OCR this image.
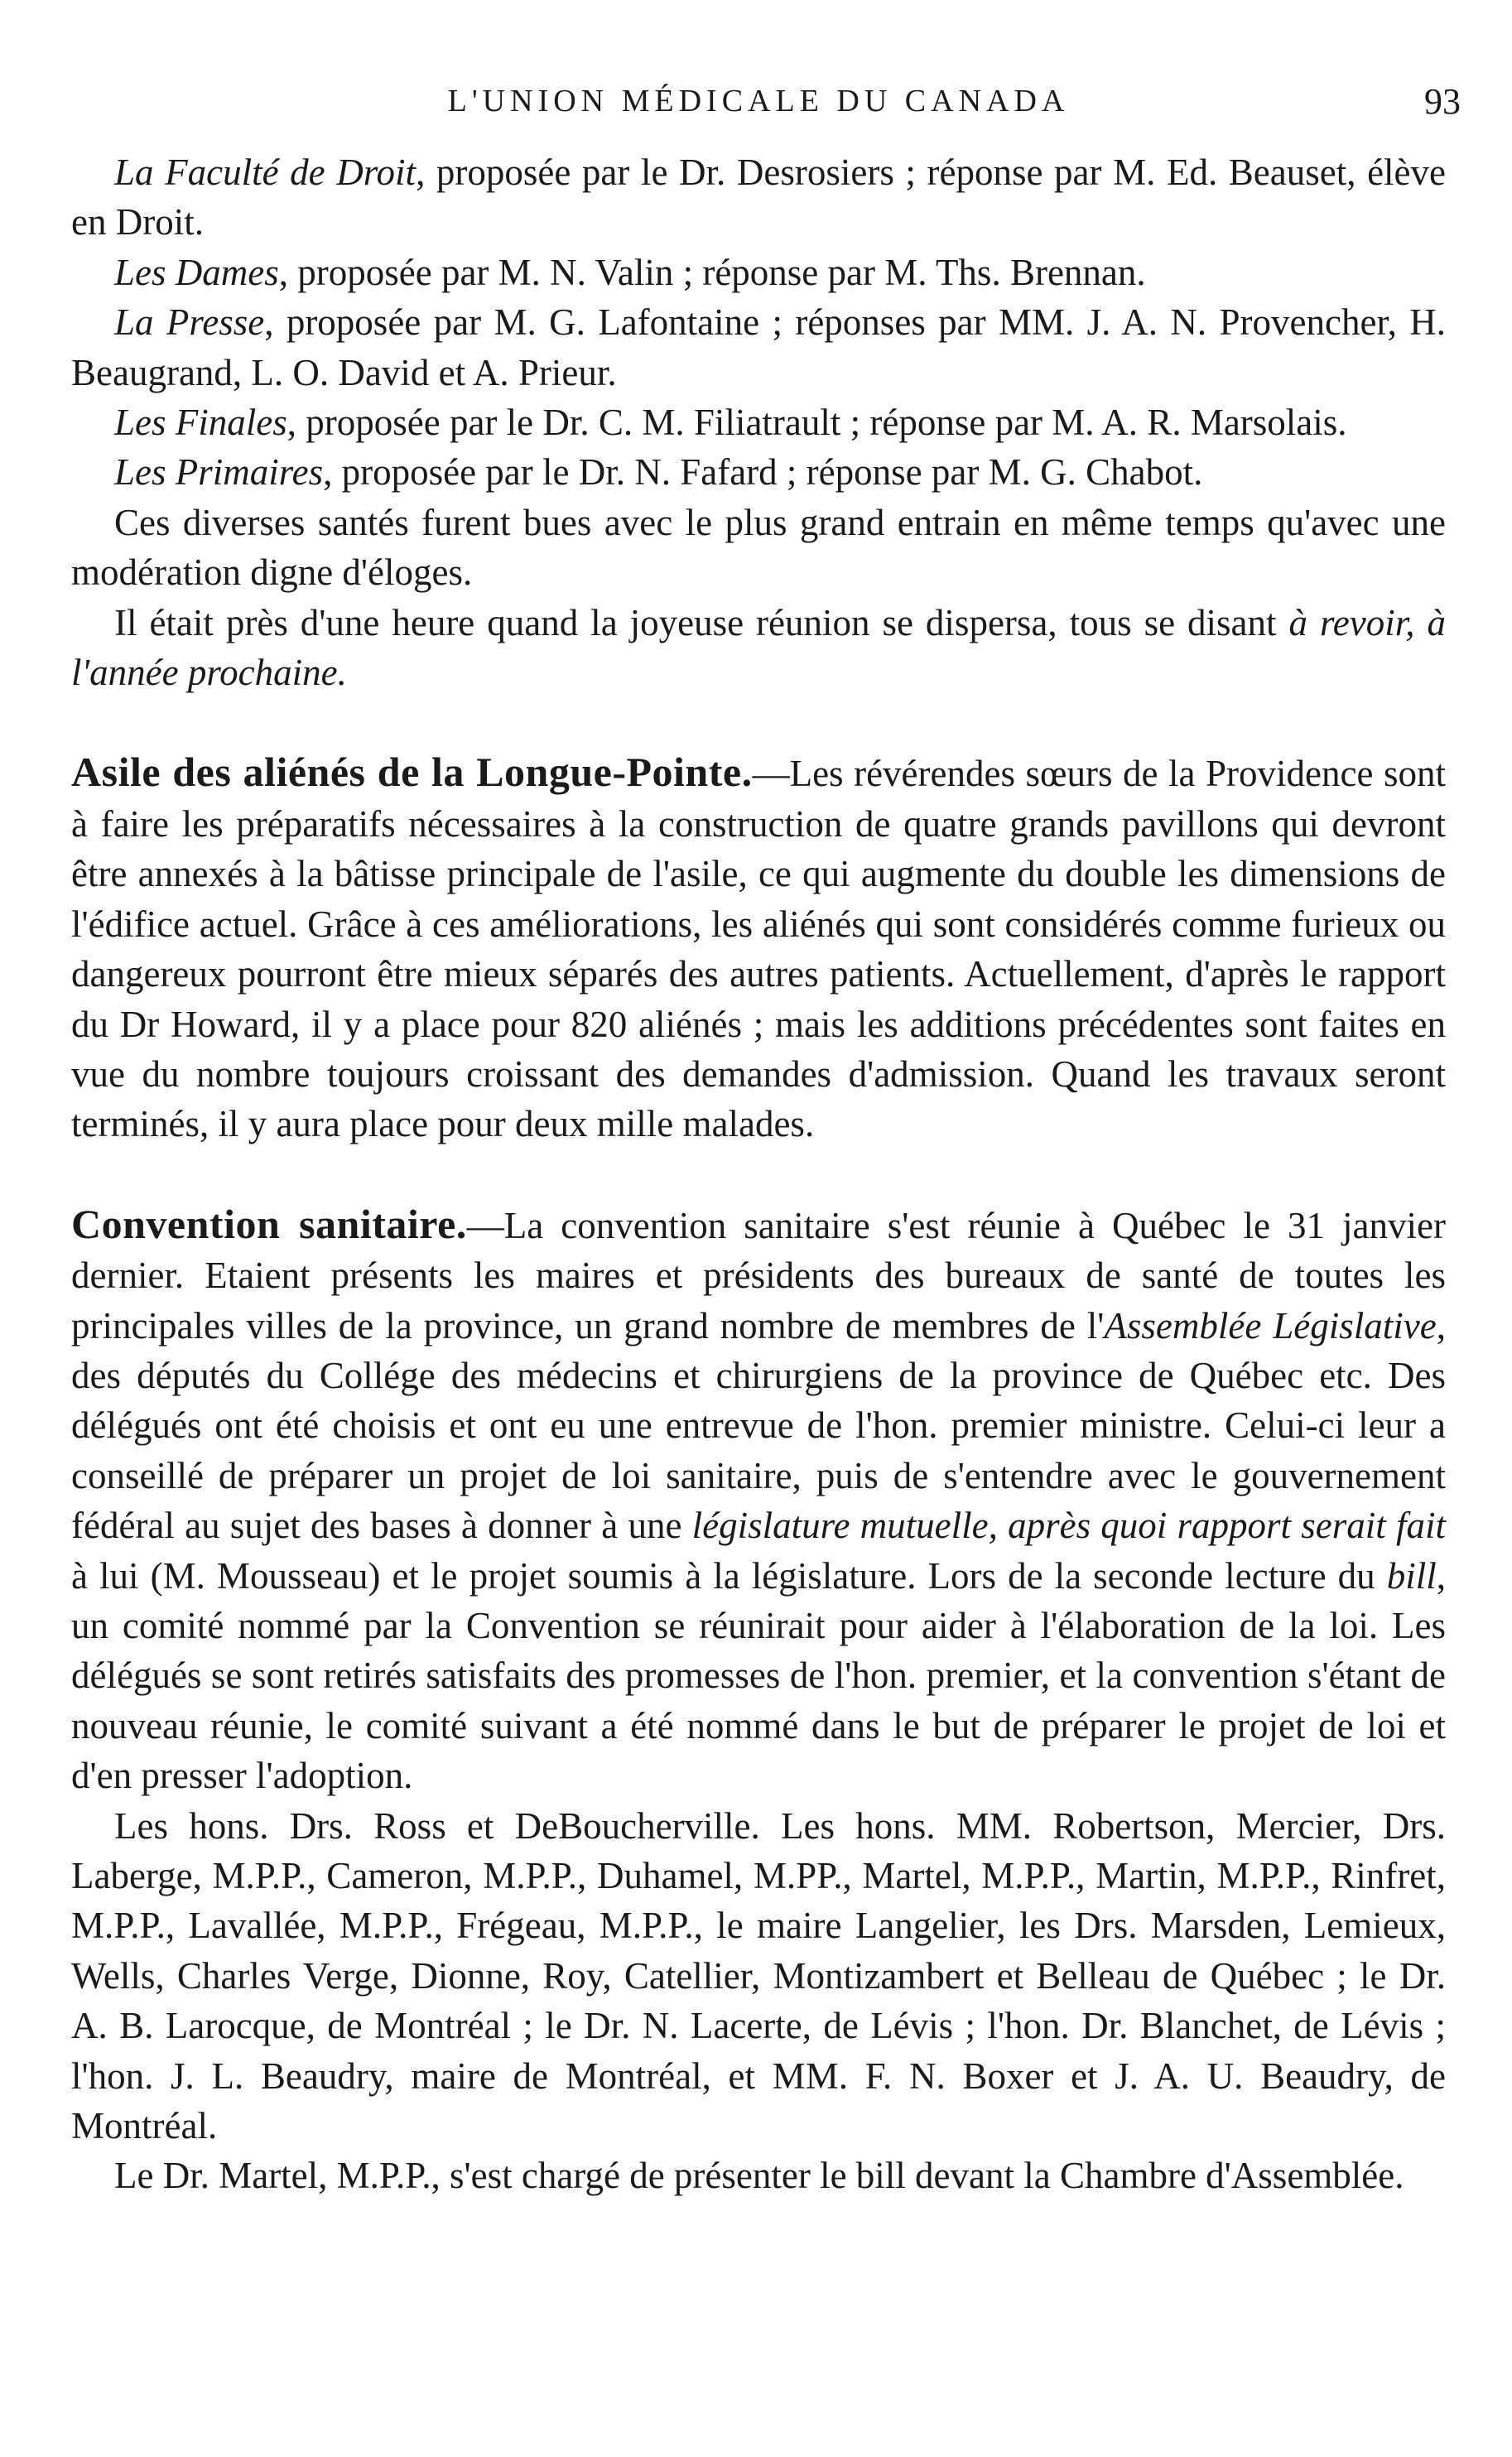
L'UNION MÉDICALE DU CANADA	93

La Faculté de Droit, proposée par le Dr. Desrosiers ; réponse par M. Ed. Beauset, élève en Droit.

Les Dames, proposée par M. N. Valin ; réponse par M. Ths. Brennan.

La Presse, proposée par M. G. Lafontaine ; réponses par MM. J. A. N. Provencher, H. Beaugrand, L. O. David et A. Prieur.

Les Finales, proposée par le Dr. C. M. Filiatrault ; réponse par M. A. R. Marsolais.

Les Primaires, proposée par le Dr. N. Fafard ; réponse par M. G. Chabot.

Ces diverses santés furent bues avec le plus grand entrain en même temps qu'avec une modération digne d'éloges.

Il était près d'une heure quand la joyeuse réunion se dispersa, tous se disant à revoir, à l'année prochaine.

Asile des aliénés de la Longue-Pointe.—Les révérendes sœurs de la Providence sont à faire les préparatifs nécessaires à la construction de quatre grands pavillons qui devront être annexés à la bâtisse principale de l'asile, ce qui augmente du double les dimensions de l'édifice actuel. Grâce à ces améliorations, les aliénés qui sont considérés comme furieux ou dangereux pourront être mieux séparés des autres patients. Actuellement, d'après le rapport du Dr Howard, il y a place pour 820 aliénés ; mais les additions précédentes sont faites en vue du nombre toujours croissant des demandes d'admission. Quand les travaux seront terminés, il y aura place pour deux mille malades.

Convention sanitaire.—La convention sanitaire s'est réunie à Québec le 31 janvier dernier. Etaient présents les maires et présidents des bureaux de santé de toutes les principales villes de la province, un grand nombre de membres de l'Assemblée Législative, des députés du Collége des médecins et chirurgiens de la province de Québec etc. Des délégués ont été choisis et ont eu une entrevue de l'hon. premier ministre. Celui-ci leur a conseillé de préparer un projet de loi sanitaire, puis de s'entendre avec le gouvernement fédéral au sujet des bases à donner à une législature mutuelle, après quoi rapport serait fait à lui (M. Mousseau) et le projet soumis à la législature. Lors de la seconde lecture du bill, un comité nommé par la Convention se réunirait pour aider à l'élaboration de la loi. Les délégués se sont retirés satisfaits des promesses de l'hon. premier, et la convention s'étant de nouveau réunie, le comité suivant a été nommé dans le but de préparer le projet de loi et d'en presser l'adoption.

Les hons. Drs. Ross et DeBoucherville. Les hons. MM. Robertson, Mercier, Drs. Laberge, M.P.P., Cameron, M.P.P., Duhamel, M.PP., Martel, M.P.P., Martin, M.P.P., Rinfret, M.P.P., Lavallée, M.P.P., Frégeau, M.P.P., le maire Langelier, les Drs. Marsden, Lemieux, Wells, Charles Verge, Dionne, Roy, Catellier, Montizambert et Belleau de Québec ; le Dr. A. B. Larocque, de Montréal ; le Dr. N. Lacerte, de Lévis ; l'hon. Dr. Blanchet, de Lévis ; l'hon. J. L. Beaudry, maire de Montréal, et MM. F. N. Boxer et J. A. U. Beaudry, de Montréal.

Le Dr. Martel, M.P.P., s'est chargé de présenter le bill devant la Chambre d'Assemblée.
